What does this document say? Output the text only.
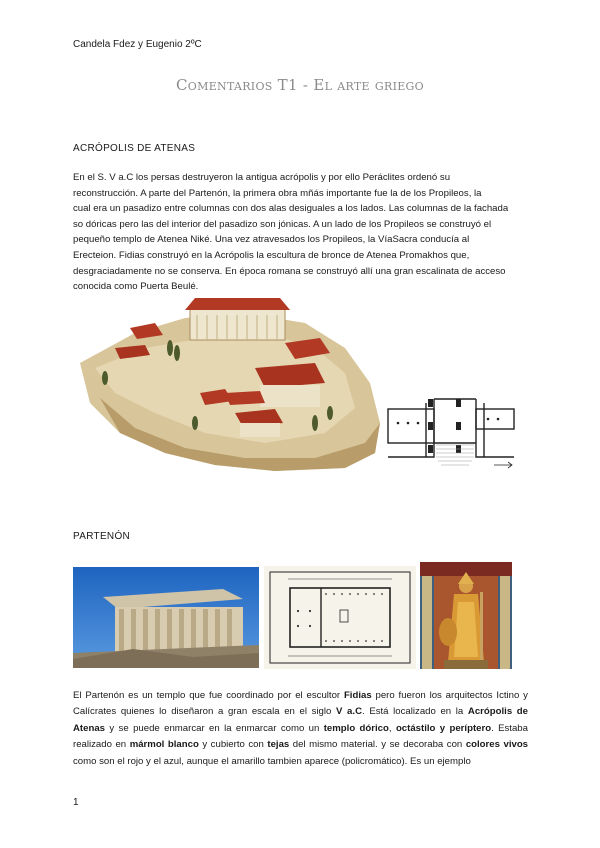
Candela Fdez y Eugenio 2ºC
Comentarios T1 - El arte griego
ACRÓPOLIS DE ATENAS
En el S. V a.C los persas destruyeron la antigua acrópolis y por ello Peráclites ordenó su
reconstrucción. A parte del Partenón, la primera obra mñás importante fue la de los Propileos, la
cual era un pasadizo entre columnas con dos alas desiguales a los lados. Las columnas de la fachada
so dóricas pero las del interior del pasadizo son jónicas. A un lado de los Propileos se construyó el
pequeño templo de Atenea Niké. Una vez atravesados los Propileos, la VíaSacra conducía al
Erecteion. Fidias construyó en la Acrópolis la escultura de bronce de Atenea Promakhos que,
desgraciadamente no se conserva. En época romana se construyó allí una gran escalinata de acceso
conocida como Puerta Beulé.
PARTENÓN
El Partenón es un templo que fue coordinado por el escultor Fidias pero fueron los arquitectos Ictino y Calícrates quienes lo diseñaron a gran escala en el siglo V a.C. Está localizado en la Acrópolis de Atenas y se puede enmarcar en la enmarcar como un templo dórico, octástilo y períptero. Estaba realizado en mármol blanco y cubierto con tejas del mismo material. y se decoraba con colores vivos como son el rojo y el azul, aunque el amarillo tambien aparece (policromático). Es un ejemplo
1
